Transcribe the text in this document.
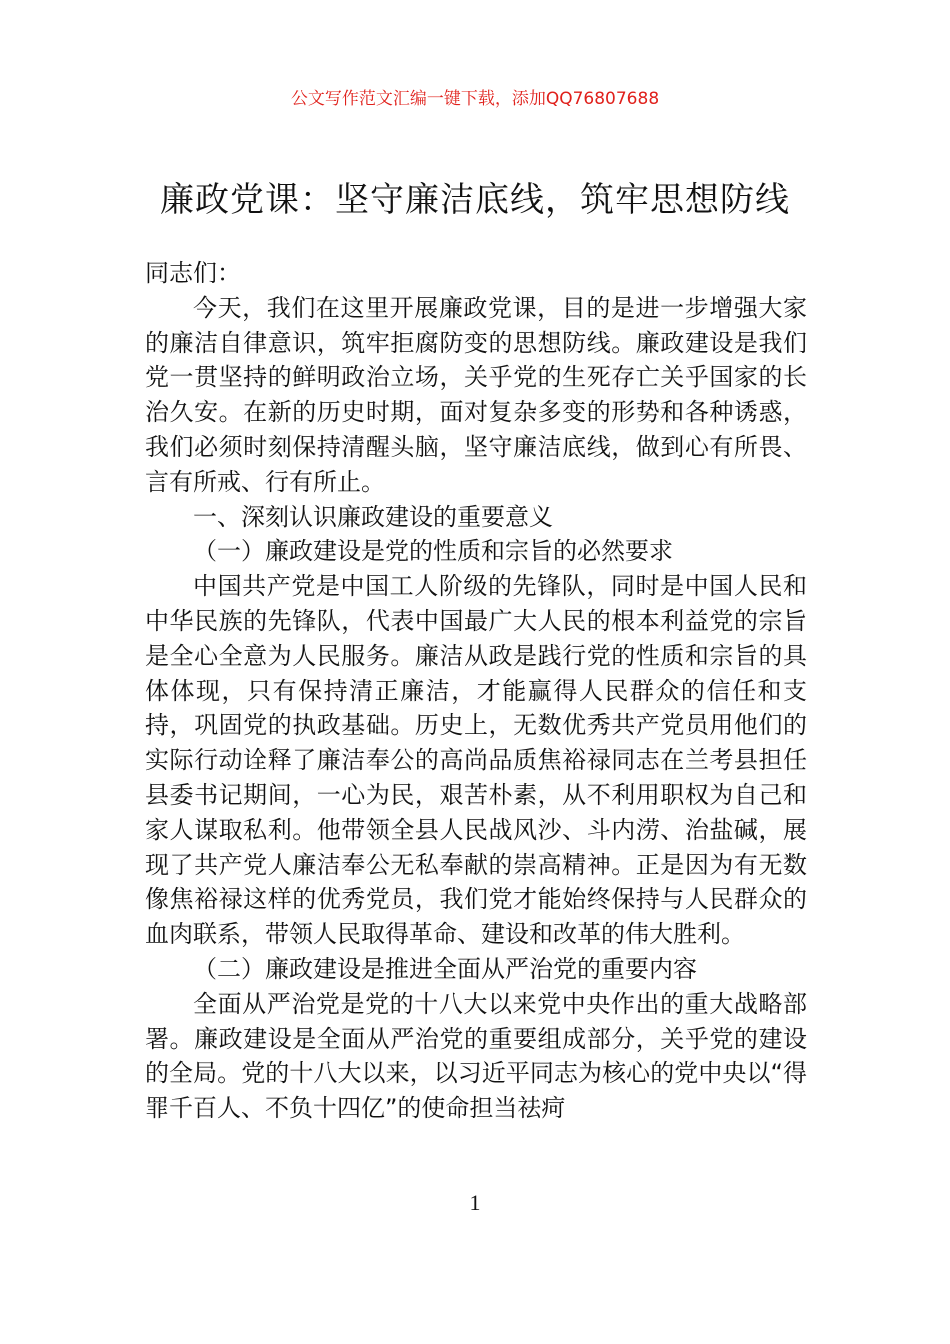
公文写作范文汇编一键下载，添加QQ76807688
廉政党课：坚守廉洁底线，筑牢思想防线

同志们：

今天，我们在这里开展廉政党课，目的是进一步增强大家的廉洁自律意识，筑牢拒腐防变的思想防线。廉政建设是我们党一贯坚持的鲜明政治立场，关乎党的生死存亡关乎国家的长治久安。在新的历史时期，面对复杂多变的形势和各种诱惑，我们必须时刻保持清醒头脑，坚守廉洁底线，做到心有所畏、言有所戒、行有所止。

一、深刻认识廉政建设的重要意义

（一）廉政建设是党的性质和宗旨的必然要求

中国共产党是中国工人阶级的先锋队，同时是中国人民和中华民族的先锋队，代表中国最广大人民的根本利益党的宗旨是全心全意为人民服务。廉洁从政是践行党的性质和宗旨的具体体现，只有保持清正廉洁，才能赢得人民群众的信任和支持，巩固党的执政基础。历史上，无数优秀共产党员用他们的实际行动诠释了廉洁奉公的高尚品质焦裕禄同志在兰考县担任县委书记期间，一心为民，艰苦朴素，从不利用职权为自己和家人谋取私利。他带领全县人民战风沙、斗内涝、治盐碱，展现了共产党人廉洁奉公无私奉献的崇高精神。正是因为有无数像焦裕禄这样的优秀党员，我们党才能始终保持与人民群众的血肉联系，带领人民取得革命、建设和改革的伟大胜利。

（二）廉政建设是推进全面从严治党的重要内容

全面从严治党是党的十八大以来党中央作出的重大战略部署。廉政建设是全面从严治党的重要组成部分，关乎党的建设的全局。党的十八大以来，以习近平同志为核心的党中央以“得罪千百人、不负十四亿”的使命担当祛疴

1
